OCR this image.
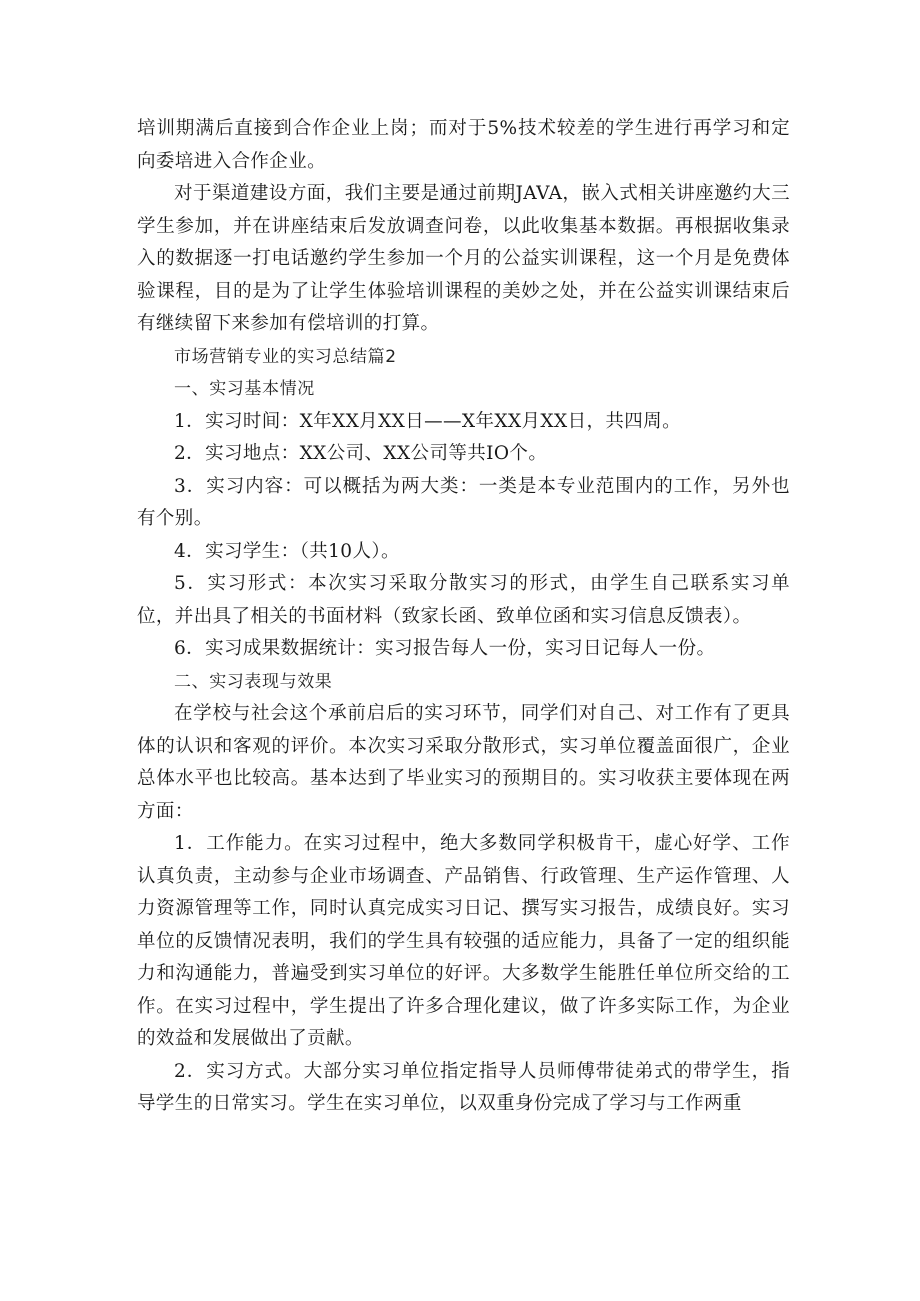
培训期满后直接到合作企业上岗；而对于5%技术较差的学生进行再学习和定向委培进入合作企业。

对于渠道建设方面，我们主要是通过前期JAVA，嵌入式相关讲座邀约大三学生参加，并在讲座结束后发放调查问卷，以此收集基本数据。再根据收集录入的数据逐一打电话邀约学生参加一个月的公益实训课程，这一个月是免费体验课程，目的是为了让学生体验培训课程的美妙之处，并在公益实训课结束后有继续留下来参加有偿培训的打算。

市场营销专业的实习总结篇2

一、实习基本情况

1．实习时间：X年XX月XX日——X年XX月XX日，共四周。

2．实习地点：XX公司、XX公司等共IO个。

3．实习内容：可以概括为两大类：一类是本专业范围内的工作，另外也有个别。

4．实习学生：（共10人）。

5．实习形式：本次实习采取分散实习的形式，由学生自己联系实习单位，并出具了相关的书面材料（致家长函、致单位函和实习信息反馈表）。

6．实习成果数据统计：实习报告每人一份，实习日记每人一份。

二、实习表现与效果

在学校与社会这个承前启后的实习环节，同学们对自己、对工作有了更具体的认识和客观的评价。本次实习采取分散形式，实习单位覆盖面很广，企业总体水平也比较高。基本达到了毕业实习的预期目的。实习收获主要体现在两方面：

1．工作能力。在实习过程中，绝大多数同学积极肯干，虚心好学、工作认真负责，主动参与企业市场调查、产品销售、行政管理、生产运作管理、人力资源管理等工作，同时认真完成实习日记、撰写实习报告，成绩良好。实习单位的反馈情况表明，我们的学生具有较强的适应能力，具备了一定的组织能力和沟通能力，普遍受到实习单位的好评。大多数学生能胜任单位所交给的工作。在实习过程中，学生提出了许多合理化建议，做了许多实际工作，为企业的效益和发展做出了贡献。

2．实习方式。大部分实习单位指定指导人员师傅带徒弟式的带学生，指导学生的日常实习。学生在实习单位，以双重身份完成了学习与工作两重
